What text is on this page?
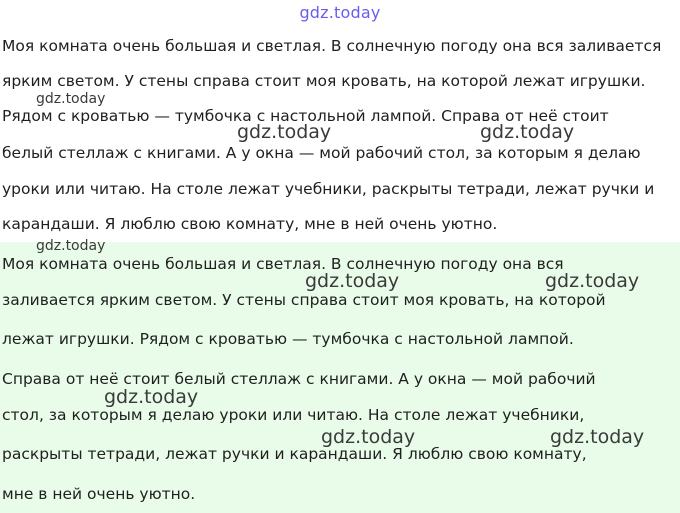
Моя комната очень большая и светлая. В солнечную погоду она вся заливается
ярким светом. У стены справа стоит моя кровать, на которой лежат игрушки.
Рядом с кроватью — тумбочка с настольной лампой. Справа от неё стоит
белый стеллаж с книгами. А у окна — мой рабочий стол, за которым я делаю
уроки или читаю. На столе лежат учебники, раскрыты тетради, лежат ручки и
карандаши. Я люблю свою комнату, мне в ней очень уютно.
Моя комната очень большая и светлая. В солнечную погоду она вся
заливается ярким светом. У стены справа стоит моя кровать, на которой
лежат игрушки. Рядом с кроватью — тумбочка с настольной лампой.
Справа от неё стоит белый стеллаж с книгами. А у окна — мой рабочий
стол, за которым я делаю уроки или читаю. На столе лежат учебники,
раскрыты тетради, лежат ручки и карандаши. Я люблю свою комнату,
мне в ней очень уютно.
gdz.today
gdz.today
gdz.today	gdz.today
gdz.today
gdz.today	gdz.today
gdz.today
gdz.today	gdz.today
